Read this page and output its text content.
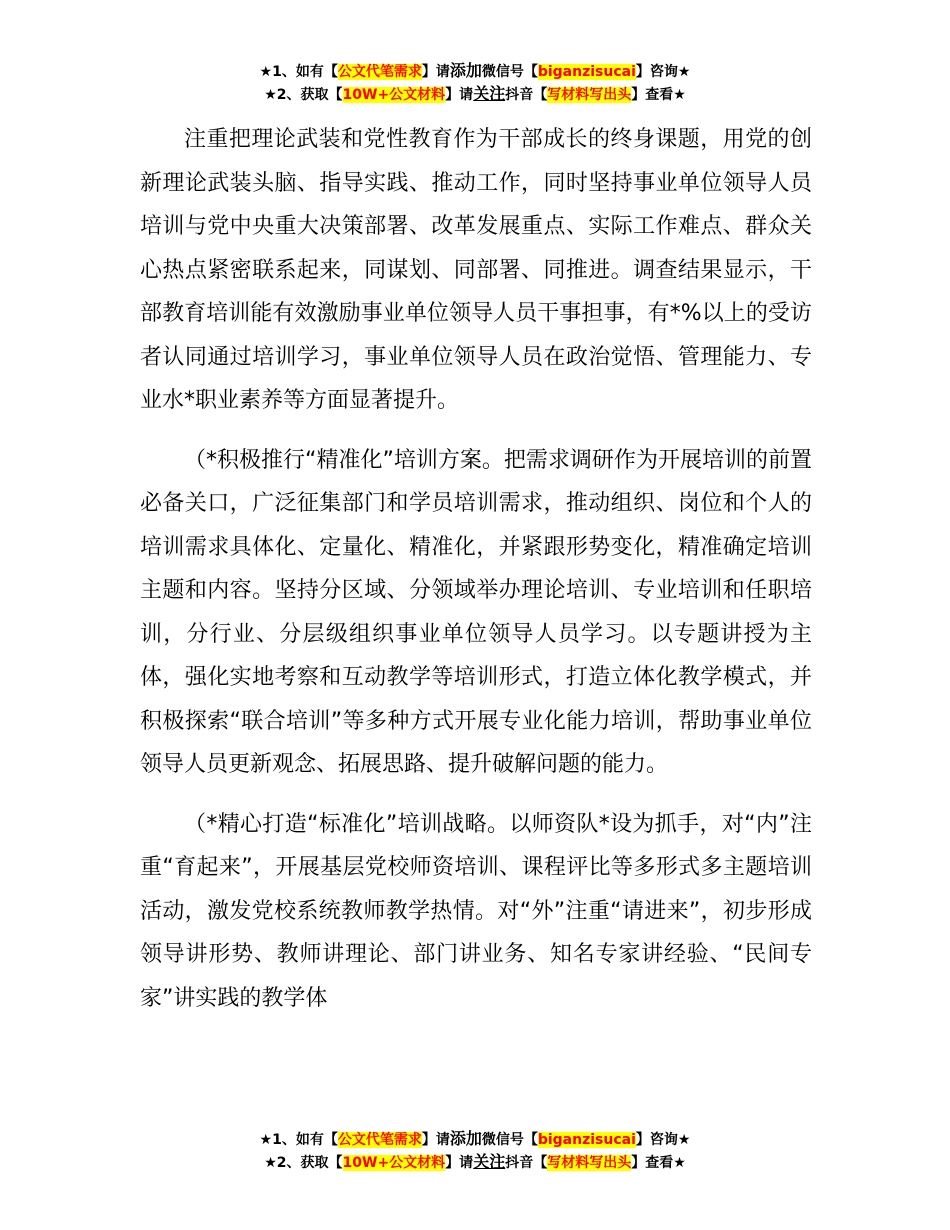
★1、如有【公文代笔需求】请添加微信号【biganzisucai】咨询★
★2、获取【10W+公文材料】请关注抖音【写材料写出头】查看★

注重把理论武装和党性教育作为干部成长的终身课题，用党的创新理论武装头脑、指导实践、推动工作，同时坚持事业单位领导人员培训与党中央重大决策部署、改革发展重点、实际工作难点、群众关心热点紧密联系起来，同谋划、同部署、同推进。调查结果显示，干部教育培训能有效激励事业单位领导人员干事担事，有*%以上的受访者认同通过培训学习，事业单位领导人员在政治觉悟、管理能力、专业水*职业素养等方面显著提升。

（*积极推行“精准化”培训方案。把需求调研作为开展培训的前置必备关口，广泛征集部门和学员培训需求，推动组织、岗位和个人的培训需求具体化、定量化、精准化，并紧跟形势变化，精准确定培训主题和内容。坚持分区域、分领域举办理论培训、专业培训和任职培训，分行业、分层级组织事业单位领导人员学习。以专题讲授为主体，强化实地考察和互动教学等培训形式，打造立体化教学模式，并积极探索“联合培训”等多种方式开展专业化能力培训，帮助事业单位领导人员更新观念、拓展思路、提升破解问题的能力。

（*精心打造“标准化”培训战略。以师资队*设为抓手，对“内”注重“育起来”，开展基层党校师资培训、课程评比等多形式多主题培训活动，激发党校系统教师教学热情。对“外”注重“请进来”，初步形成领导讲形势、教师讲理论、部门讲业务、知名专家讲经验、“民间专家”讲实践的教学体

★1、如有【公文代笔需求】请添加微信号【biganzisucai】咨询★
★2、获取【10W+公文材料】请关注抖音【写材料写出头】查看★
